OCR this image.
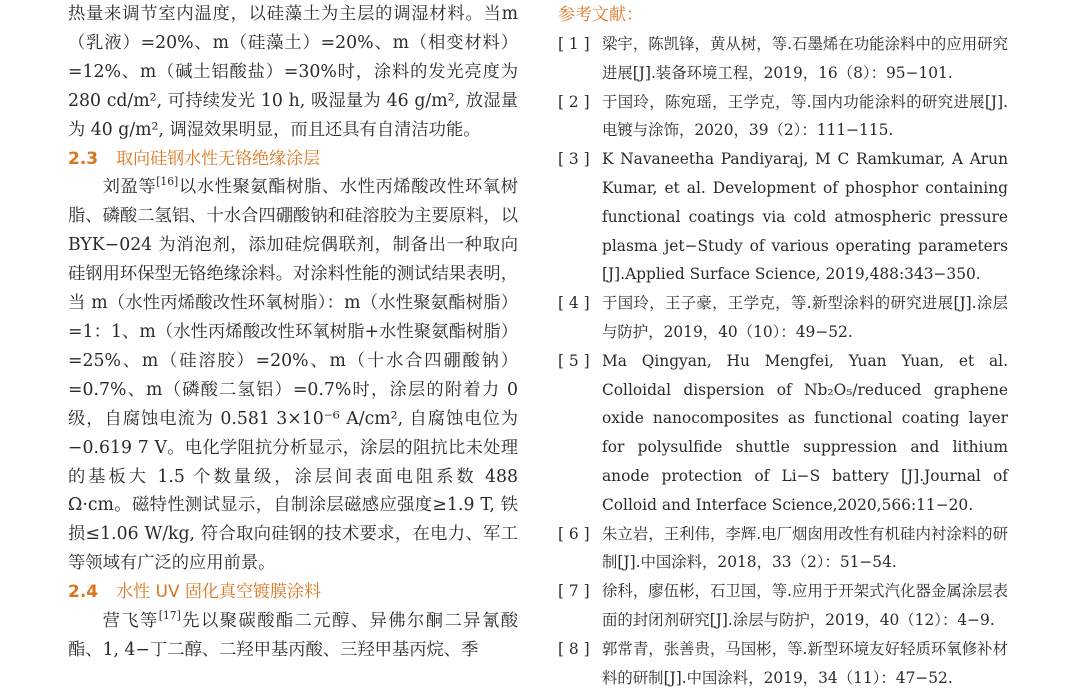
热量来调节室内温度，以硅藻土为主层的调湿材料。当m（乳液）=20%、m（硅藻土）=20%、m（相变材料）=12%、m（碱土铝酸盐）=30%时，涂料的发光亮度为 280 cd/m², 可持续发光 10 h, 吸湿量为 46 g/m², 放湿量为 40 g/m², 调湿效果明显，而且还具有自清洁功能。

2.3 取向硅钢水性无铬绝缘涂层

刘盈等[16]以水性聚氨酯树脂、水性丙烯酸改性环氧树脂、磷酸二氢铝、十水合四硼酸钠和硅溶胶为主要原料，以 BYK−024 为消泡剂，添加硅烷偶联剂，制备出一种取向硅钢用环保型无铬绝缘涂料。对涂料性能的测试结果表明，当 m（水性丙烯酸改性环氧树脂）：m（水性聚氨酯树脂）=1：1、m（水性丙烯酸改性环氧树脂+水性聚氨酯树脂）=25%、m（硅溶胶）=20%、m（十水合四硼酸钠）=0.7%、m（磷酸二氢铝）=0.7%时，涂层的附着力 0 级，自腐蚀电流为 0.581 3×10⁻⁶ A/cm², 自腐蚀电位为−0.619 7 V。电化学阻抗分析显示，涂层的阻抗比未处理的基板大 1.5 个数量级，涂层间表面电阻系数 488 Ω·cm。磁特性测试显示，自制涂层磁感应强度≥1.9 T, 铁损≤1.06 W/kg, 符合取向硅钢的技术要求，在电力、军工等领域有广泛的应用前景。

2.4 水性 UV 固化真空镀膜涂料

营飞等[17]先以聚碳酸酯二元醇、异佛尔酮二异氰酸酯、1, 4−丁二醇、二羟甲基丙酸、三羟甲基丙烷、季

参考文献：
[ 1 ] 梁宇，陈凯锋，黄从树，等.石墨烯在功能涂料中的应用研究进展[J].装备环境工程，2019，16（8）：95−101.
[ 2 ] 于国玲，陈宛瑶，王学克，等.国内功能涂料的研究进展[J].电镀与涂饰，2020，39（2）：111−115.
[ 3 ] K Navaneetha Pandiyaraj, M C Ramkumar, A Arun Kumar, et al. Development of phosphor containing functional coatings via cold atmospheric pressure plasma jet−Study of various operating parameters [J].Applied Surface Science, 2019,488:343−350.
[ 4 ] 于国玲，王子豪，王学克，等.新型涂料的研究进展[J].涂层与防护，2019，40（10）：49−52.
[ 5 ] Ma Qingyan, Hu Mengfei, Yuan Yuan, et al. Colloidal dispersion of Nb₂O₅/reduced graphene oxide nanocomposites as functional coating layer for polysulfide shuttle suppression and lithium anode protection of Li−S battery [J].Journal of Colloid and Interface Science,2020,566:11−20.
[ 6 ] 朱立岩，王利伟，李辉.电厂烟囱用改性有机硅内衬涂料的研制[J].中国涂料，2018，33（2）：51−54.
[ 7 ] 徐科，廖伍彬，石卫国，等.应用于开架式汽化器金属涂层表面的封闭剂研究[J].涂层与防护，2019，40（12）：4−9.
[ 8 ] 郭常青，张善贵，马国彬，等.新型环境友好轻质环氧修补材料的研制[J].中国涂料，2019，34（11）：47−52.
